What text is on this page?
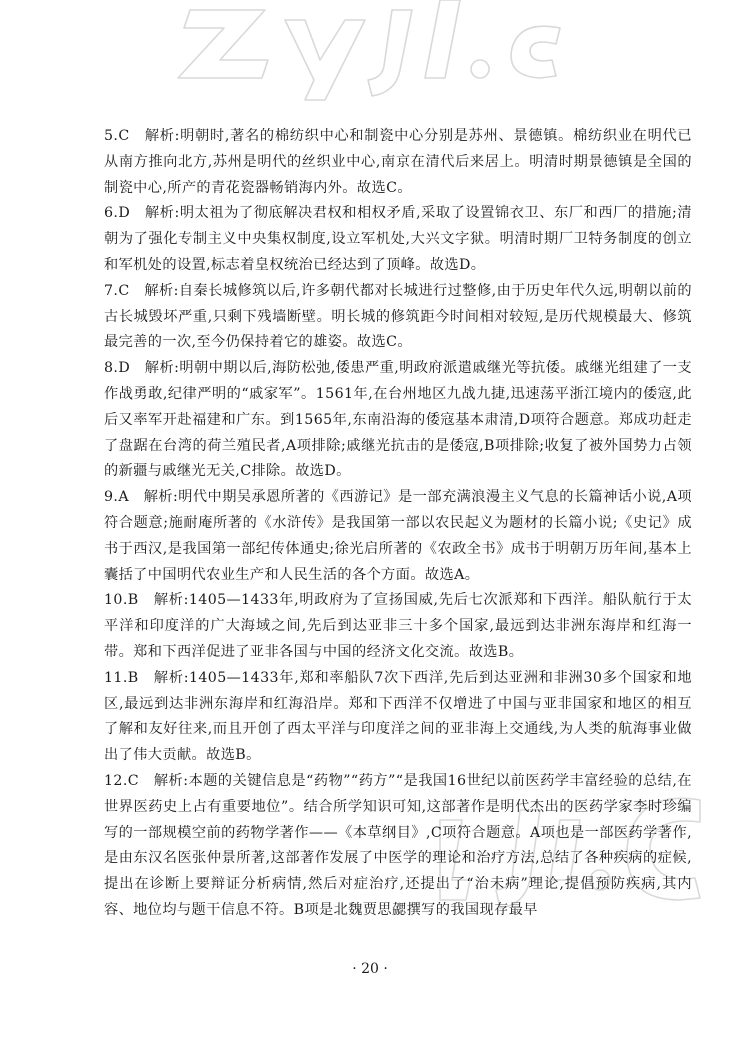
5.C　解析:明朝时,著名的棉纺织中心和制瓷中心分别是苏州、景德镇。棉纺织业在明代已从南方推向北方,苏州是明代的丝织业中心,南京在清代后来居上。明清时期景德镇是全国的制瓷中心,所产的青花瓷器畅销海内外。故选C。

6.D　解析:明太祖为了彻底解决君权和相权矛盾,采取了设置锦衣卫、东厂和西厂的措施;清朝为了强化专制主义中央集权制度,设立军机处,大兴文字狱。明清时期厂卫特务制度的创立和军机处的设置,标志着皇权统治已经达到了顶峰。故选D。

7.C　解析:自秦长城修筑以后,许多朝代都对长城进行过整修,由于历史年代久远,明朝以前的古长城毁坏严重,只剩下残墙断壁。明长城的修筑距今时间相对较短,是历代规模最大、修筑最完善的一次,至今仍保持着它的雄姿。故选C。

8.D　解析:明朝中期以后,海防松弛,倭患严重,明政府派遣戚继光等抗倭。戚继光组建了一支作战勇敢,纪律严明的“戚家军”。1561年,在台州地区九战九捷,迅速荡平浙江境内的倭寇,此后又率军开赴福建和广东。到1565年,东南沿海的倭寇基本肃清,D项符合题意。郑成功赶走了盘踞在台湾的荷兰殖民者,A项排除;戚继光抗击的是倭寇,B项排除;收复了被外国势力占领的新疆与戚继光无关,C排除。故选D。

9.A　解析:明代中期吴承恩所著的《西游记》是一部充满浪漫主义气息的长篇神话小说,A项符合题意;施耐庵所著的《水浒传》是我国第一部以农民起义为题材的长篇小说;《史记》成书于西汉,是我国第一部纪传体通史;徐光启所著的《农政全书》成书于明朝万历年间,基本上囊括了中国明代农业生产和人民生活的各个方面。故选A。

10.B　解析:1405—1433年,明政府为了宣扬国威,先后七次派郑和下西洋。船队航行于太平洋和印度洋的广大海域之间,先后到达亚非三十多个国家,最远到达非洲东海岸和红海一带。郑和下西洋促进了亚非各国与中国的经济文化交流。故选B。

11.B　解析:1405—1433年,郑和率船队7次下西洋,先后到达亚洲和非洲30多个国家和地区,最远到达非洲东海岸和红海沿岸。郑和下西洋不仅增进了中国与亚非国家和地区的相互了解和友好往来,而且开创了西太平洋与印度洋之间的亚非海上交通线,为人类的航海事业做出了伟大贡献。故选B。

12.C　解析:本题的关键信息是“药物”“药方”“是我国16世纪以前医药学丰富经验的总结,在世界医药史上占有重要地位”。结合所学知识可知,这部著作是明代杰出的医药学家李时珍编写的一部规模空前的药物学著作——《本草纲目》,C项符合题意。A项也是一部医药学著作,是由东汉名医张仲景所著,这部著作发展了中医学的理论和治疗方法,总结了各种疾病的症候,提出在诊断上要辩证分析病情,然后对症治疗,还提出了“治未病”理论,提倡预防疾病,其内容、地位均与题干信息不符。B项是北魏贾思勰撰写的我国现存最早

· 20 ·
